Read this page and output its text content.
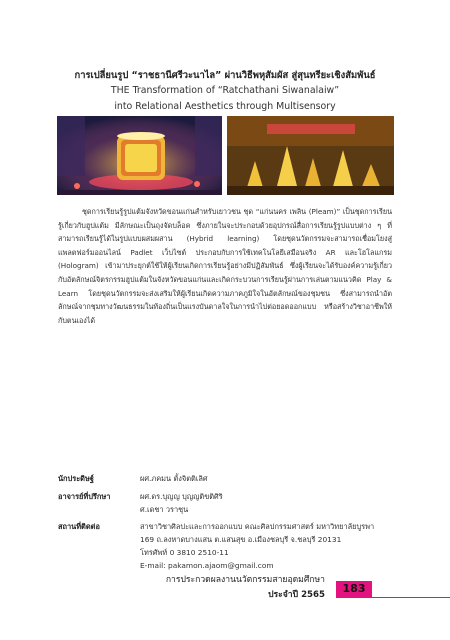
การเปลี่ยนรูป “ราชธานีศรีวะนาไล” ผ่านวิธีพหุสัมผัส สู่สุนทรียะเชิงสัมพันธ์
THE Transformation of “Ratchathani Siwanalaiw”
into Relational Aesthetics through Multisensory

ชุดการเรียนรู้รูปแต้มจังหวัดขอนแก่นสำหรับเยาวชน ชุด “แก่นนคร เพลิน (Pleam)” เป็นชุดการเรียนรู้เกี่ยวกับฮูปแต้ม มีลักษณะเป็นถุงจัดบล็อค ซึ่งภายในจะประกอบด้วยอุปกรณ์สื่อการเรียนรู้รูปแบบต่าง ๆ ที่สามารถเรียนรู้ได้ในรูปแบบผสมผสาน (Hybrid learning) โดยชุดนวัตกรรมจะสามารถเชื่อมโยงสู่แพลตฟอร์มออนไลน์ Padlet เว็บไซต์ ประกอบกับการใช้เทคโนโลยีเสมือนจริง AR และโฮโลแกรม (Hologram) เข้ามาประยุกต์ใช้ให้ผู้เรียนเกิดการเรียนรู้อย่างมีปฏิสัมพันธ์ ซึ่งผู้เรียนจะได้รับองค์ความรู้เกี่ยวกับอัตลักษณ์จิตรกรรมฮูปแต้มในจังหวัดขอนแก่นและเกิดกระบวนการเรียนรู้ผ่านการเล่นตามแนวคิด Play & Learn โดยชุดนวัตกรรมจะส่งเสริมให้ผู้เรียนเกิดความภาคภูมิใจในอัตลักษณ์ของชุมชน ซึ่งสามารถนำอัตลักษณ์จากชุมทางวัฒนธรรมในท้องถิ่นเป็นแรงบันดาลใจในการนำไปต่อยอดออกแบบ หรือสร้างวิชาอาชีพให้กับตนเองได้

นักประดิษฐ์	ผศ.ภคมน ตั้งจิตติเลิศ
อาจารย์ที่ปรึกษา	ผศ.ดร.บุญญ บุญญติขติศิริ
ศ.เดชา วราชุน
สถานที่ติดต่อ	สาขาวิชาศิลปะและการออกแบบ คณะศิลปกรรมศาสตร์ มหาวิทยาลัยบูรพา
169 ถ.ลงหาดบางแสน ต.แสนสุข อ.เมืองชลบุรี จ.ชลบุรี 20131
โทรศัพท์ 0 3810 2510-11
E-mail: pakamon.ajaom@gmail.com
การประกวดผลงานนวัตกรรมสายอุดมศึกษา
ประจำปี 2565	183
